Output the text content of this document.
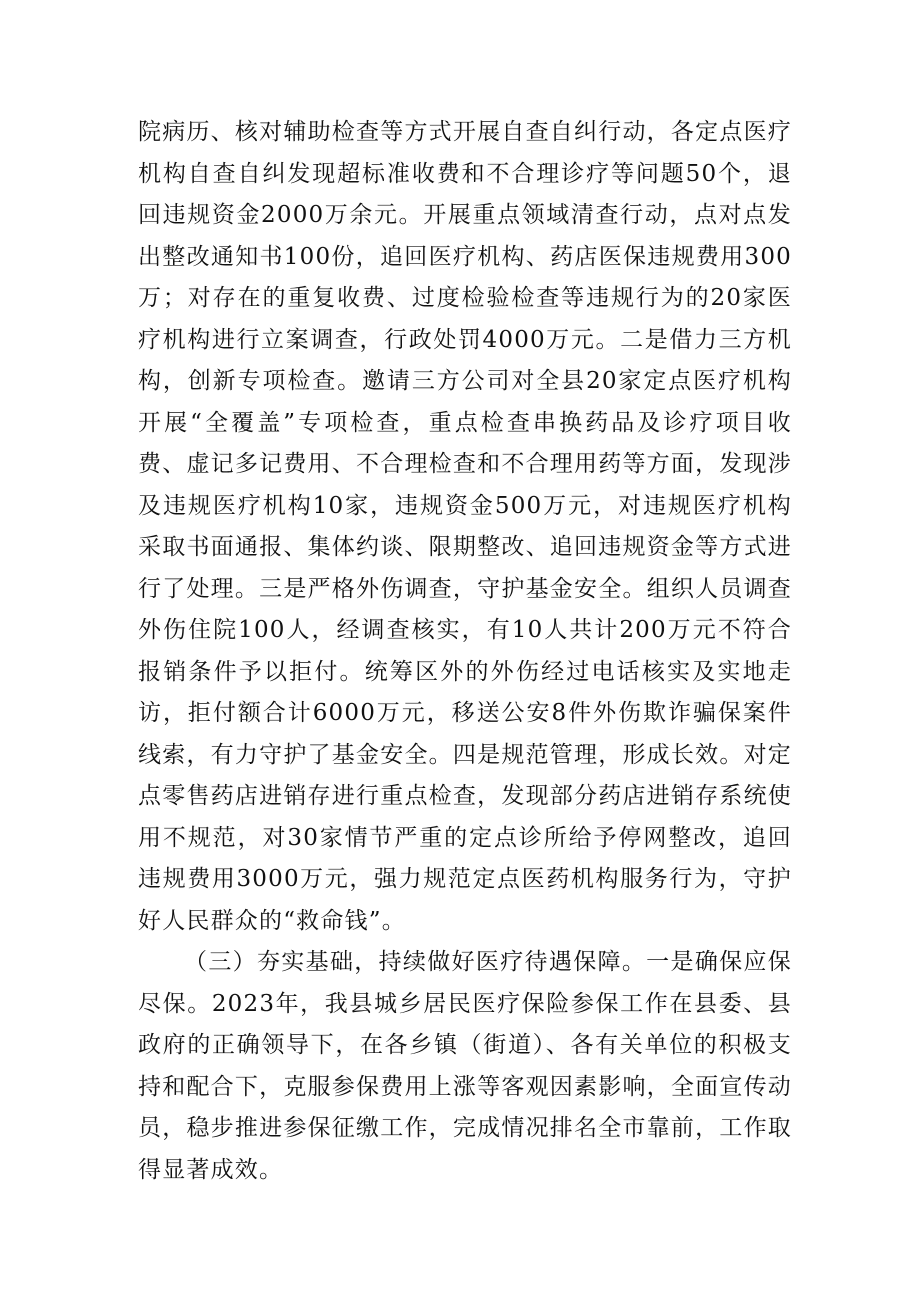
院病历、核对辅助检查等方式开展自查自纠行动，各定点医疗机构自查自纠发现超标准收费和不合理诊疗等问题50个，退回违规资金2000万余元。开展重点领域清查行动，点对点发出整改通知书100份，追回医疗机构、药店医保违规费用300万；对存在的重复收费、过度检验检查等违规行为的20家医疗机构进行立案调查，行政处罚4000万元。二是借力三方机构，创新专项检查。邀请三方公司对全县20家定点医疗机构开展“全覆盖”专项检查，重点检查串换药品及诊疗项目收费、虚记多记费用、不合理检查和不合理用药等方面，发现涉及违规医疗机构10家，违规资金500万元，对违规医疗机构采取书面通报、集体约谈、限期整改、追回违规资金等方式进行了处理。三是严格外伤调查，守护基金安全。组织人员调查外伤住院100人，经调查核实，有10人共计200万元不符合报销条件予以拒付。统筹区外的外伤经过电话核实及实地走访，拒付额合计6000万元，移送公安8件外伤欺诈骗保案件线索，有力守护了基金安全。四是规范管理，形成长效。对定点零售药店进销存进行重点检查，发现部分药店进销存系统使用不规范，对30家情节严重的定点诊所给予停网整改，追回违规费用3000万元，强力规范定点医药机构服务行为，守护好人民群众的“救命钱”。

（三）夯实基础，持续做好医疗待遇保障。一是确保应保尽保。2023年，我县城乡居民医疗保险参保工作在县委、县政府的正确领导下，在各乡镇（街道）、各有关单位的积极支持和配合下，克服参保费用上涨等客观因素影响，全面宣传动员，稳步推进参保征缴工作，完成情况排名全市靠前，工作取得显著成效。
